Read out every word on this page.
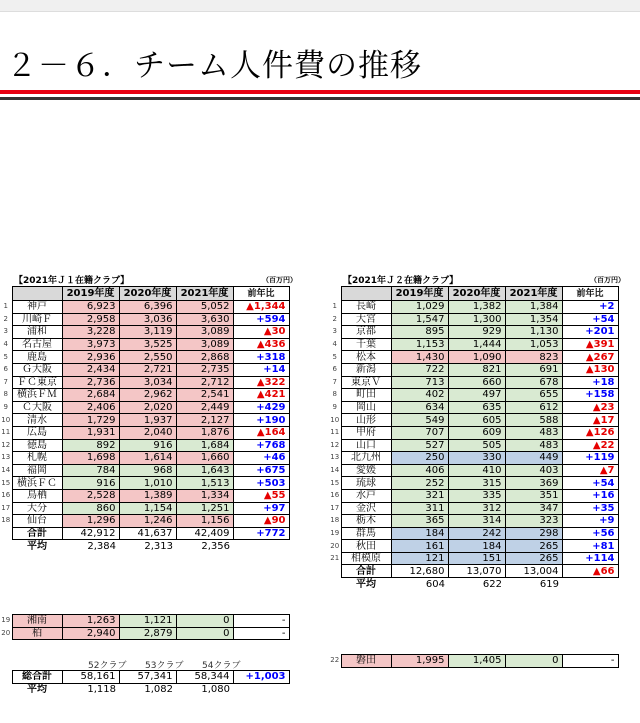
２－６．チーム人件費の推移
【2021年Ｊ１在籍クラブ】	（百万円）
		2019年度	2020年度	2021年度	前年比
1	神戸	6,923	6,396	5,052	▲1,344
2	川崎Ｆ	2,958	3,036	3,630	+594
3	浦和	3,228	3,119	3,089	▲30
4	名古屋	3,973	3,525	3,089	▲436
5	鹿島	2,936	2,550	2,868	+318
6	Ｇ大阪	2,434	2,721	2,735	+14
7	ＦＣ東京	2,736	3,034	2,712	▲322
8	横浜ＦＭ	2,684	2,962	2,541	▲421
9	Ｃ大阪	2,406	2,020	2,449	+429
10	清水	1,729	1,937	2,127	+190
11	広島	1,931	2,040	1,876	▲164
12	徳島	892	916	1,684	+768
13	札幌	1,698	1,614	1,660	+46
14	福岡	784	968	1,643	+675
15	横浜ＦＣ	916	1,010	1,513	+503
16	鳥栖	2,528	1,389	1,334	▲55
17	大分	860	1,154	1,251	+97
18	仙台	1,296	1,246	1,156	▲90
	合計	42,912	41,637	42,409	+772
	平均	2,384	2,313	2,356	
19	湘南	1,263	1,121	0	-
20	柏	2,940	2,879	0	-
52クラブ 53クラブ 54クラブ
	総合計	58,161	57,341	58,344	+1,003
	平均	1,118	1,082	1,080	
【2021年Ｊ２在籍クラブ】	（百万円）
		2019年度	2020年度	2021年度	前年比
1	長崎	1,029	1,382	1,384	+2
2	大宮	1,547	1,300	1,354	+54
3	京都	895	929	1,130	+201
4	千葉	1,153	1,444	1,053	▲391
5	松本	1,430	1,090	823	▲267
6	新潟	722	821	691	▲130
7	東京Ｖ	713	660	678	+18
8	町田	402	497	655	+158
9	岡山	634	635	612	▲23
10	山形	549	605	588	▲17
11	甲府	707	609	483	▲126
12	山口	527	505	483	▲22
13	北九州	250	330	449	+119
14	愛媛	406	410	403	▲7
15	琉球	252	315	369	+54
16	水戸	321	335	351	+16
17	金沢	311	312	347	+35
18	栃木	365	314	323	+9
19	群馬	184	242	298	+56
20	秋田	161	184	265	+81
21	相模原	121	151	265	+114
	合計	12,680	13,070	13,004	▲66
	平均	604	622	619	
22	磐田	1,995	1,405	0	-
